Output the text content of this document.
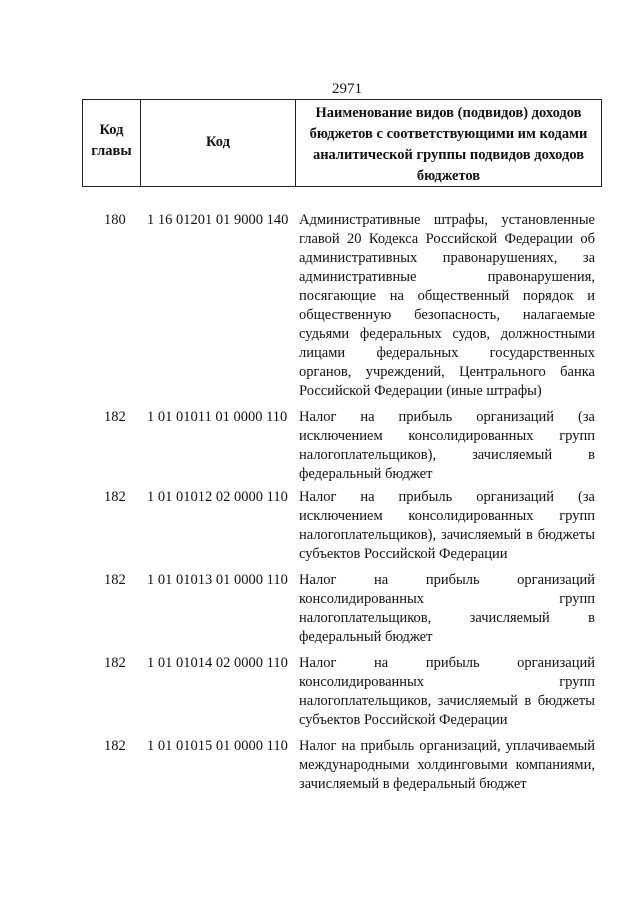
2971
Код
главы
Код
Наименование видов (подвидов) доходов бюджетов с соответствующими им кодами аналитической группы подвидов доходов бюджетов
180 1 16 01201 01 9000 140 Административные штрафы, установленные главой 20 Кодекса Российской Федерации об административных правонарушениях, за административные правонарушения, посягающие на общественный порядок и общественную безопасность, налагаемые судьями федеральных судов, должностными лицами федеральных государственных органов, учреждений, Центрального банка Российской Федерации (иные штрафы)
182 1 01 01011 01 0000 110 Налог на прибыль организаций (за исключением консолидированных групп налогоплательщиков), зачисляемый в федеральный бюджет
182 1 01 01012 02 0000 110 Налог на прибыль организаций (за исключением консолидированных групп налогоплательщиков), зачисляемый в бюджеты субъектов Российской Федерации
182 1 01 01013 01 0000 110 Налог на прибыль организаций консолидированных групп налогоплательщиков, зачисляемый в федеральный бюджет
182 1 01 01014 02 0000 110 Налог на прибыль организаций консолидированных групп налогоплательщиков, зачисляемый в бюджеты субъектов Российской Федерации
182 1 01 01015 01 0000 110 Налог на прибыль организаций, уплачиваемый международными холдинговыми компаниями, зачисляемый в федеральный бюджет
